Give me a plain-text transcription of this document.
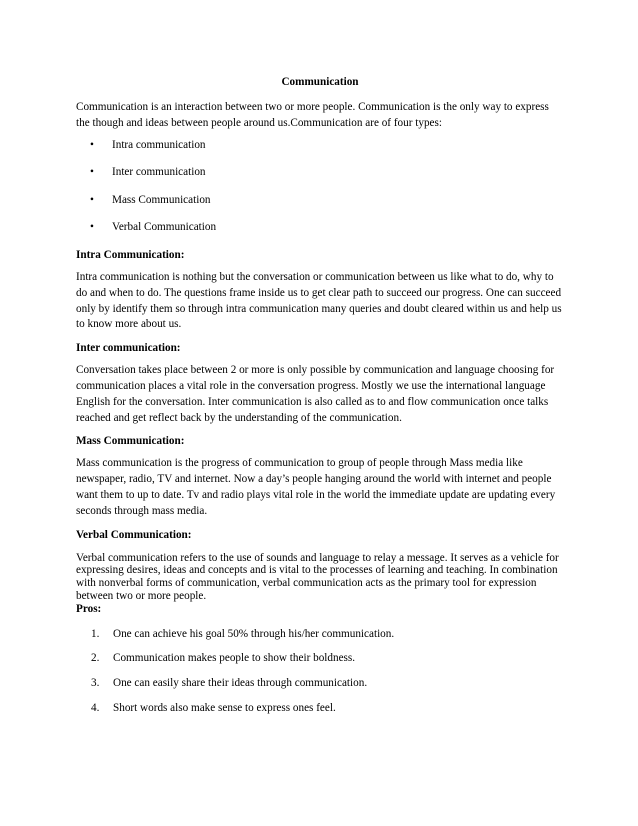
Communication

Communication is an interaction between two or more people. Communication is the only way to express the though and ideas between people around us.Communication are of four types:

• Intra communication
• Inter communication
• Mass Communication
• Verbal Communication

Intra Communication:

Intra communication is nothing but the conversation or communication between us like what to do, why to do and when to do. The questions frame inside us to get clear path to succeed our progress. One can succeed only by identify them so through intra communication many queries and doubt cleared within us and help us to know more about us.

Inter communication:

Conversation takes place between 2 or more is only possible by communication and language choosing for communication places a vital role in the conversation progress. Mostly we use the international language English for the conversation. Inter communication is also called as to and flow communication once talks reached and get reflect back by the understanding of the communication.

Mass Communication:

Mass communication is the progress of communication to group of people through Mass media like newspaper, radio, TV and internet. Now a day’s people hanging around the world with internet and people want them to up to date. Tv and radio plays vital role in the world the immediate update are updating every seconds through mass media.

Verbal Communication:

Verbal communication refers to the use of sounds and language to relay a message. It serves as a vehicle for expressing desires, ideas and concepts and is vital to the processes of learning and teaching. In combination with nonverbal forms of communication, verbal communication acts as the primary tool for expression between two or more people.

Pros:

1. One can achieve his goal 50% through his/her communication.
2. Communication makes people to show their boldness.
3. One can easily share their ideas through communication.
4. Short words also make sense to express ones feel.
